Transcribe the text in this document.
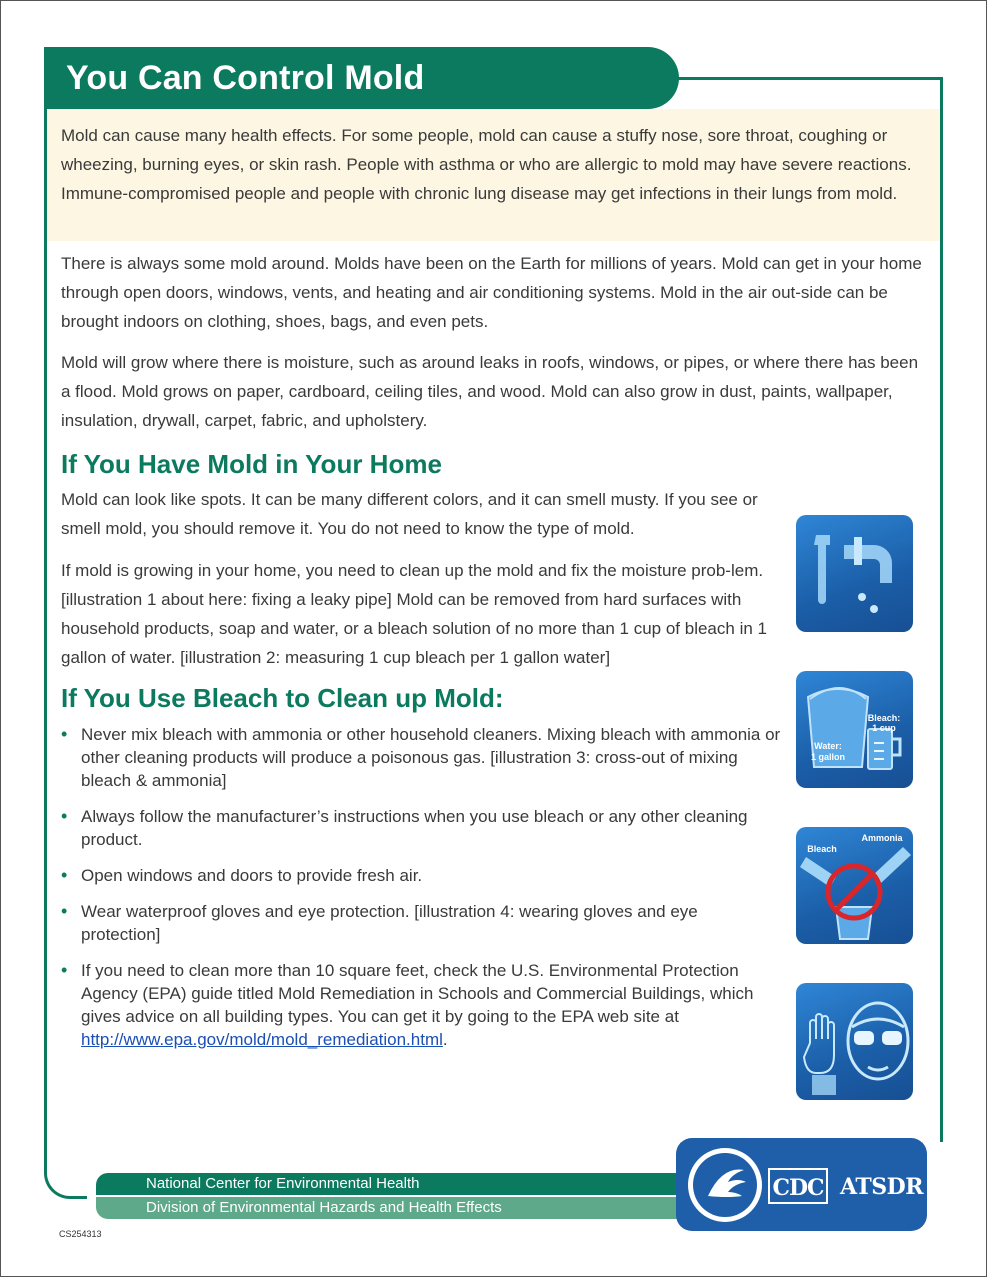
You Can Control Mold
Mold can cause many health effects. For some people, mold can cause a stuffy nose, sore throat, coughing or wheezing, burning eyes, or skin rash. People with asthma or who are allergic to mold may have severe reactions. Immune-compromised people and people with chronic lung disease may get infections in their lungs from mold.
There is always some mold around. Molds have been on the Earth for millions of years. Mold can get in your home through open doors, windows, vents, and heating and air conditioning systems. Mold in the air out-side can be brought indoors on clothing, shoes, bags, and even pets.
Mold will grow where there is moisture, such as around leaks in roofs, windows, or pipes, or where there has been a flood. Mold grows on paper, cardboard, ceiling tiles, and wood. Mold can also grow in dust, paints, wallpaper, insulation, drywall, carpet, fabric, and upholstery.
If You Have Mold in Your Home
Mold can look like spots. It can be many different colors, and it can smell musty. If you see or smell mold, you should remove it. You do not need to know the type of mold.
If mold is growing in your home, you need to clean up the mold and fix the moisture prob-lem. [illustration 1 about here: fixing a leaky pipe] Mold can be removed from hard surfaces with household products, soap and water, or a bleach solution of no more than 1 cup of bleach in 1 gallon of water. [illustration 2: measuring 1 cup bleach per 1 gallon water]
If You Use Bleach to Clean up Mold:
• Never mix bleach with ammonia or other household cleaners. Mixing bleach with ammonia or other cleaning products will produce a poisonous gas. [illustration 3: cross-out of mixing bleach & ammonia]
• Always follow the manufacturer’s instructions when you use bleach or any other cleaning product.
• Open windows and doors to provide fresh air.
• Wear waterproof gloves and eye protection. [illustration 4: wearing gloves and eye protection]
• If you need to clean more than 10 square feet, check the U.S. Environmental Protection Agency (EPA) guide titled Mold Remediation in Schools and Commercial Buildings, which gives advice on all building types. You can get it by going to the EPA web site at http://www.epa.gov/mold/mold_remediation.html.
Water:
1 gallon
Bleach:
1 cup
Bleach
Ammonia
National Center for Environmental Health
Division of Environmental Hazards and Health Effects
CDC ATSDR
CS254313
